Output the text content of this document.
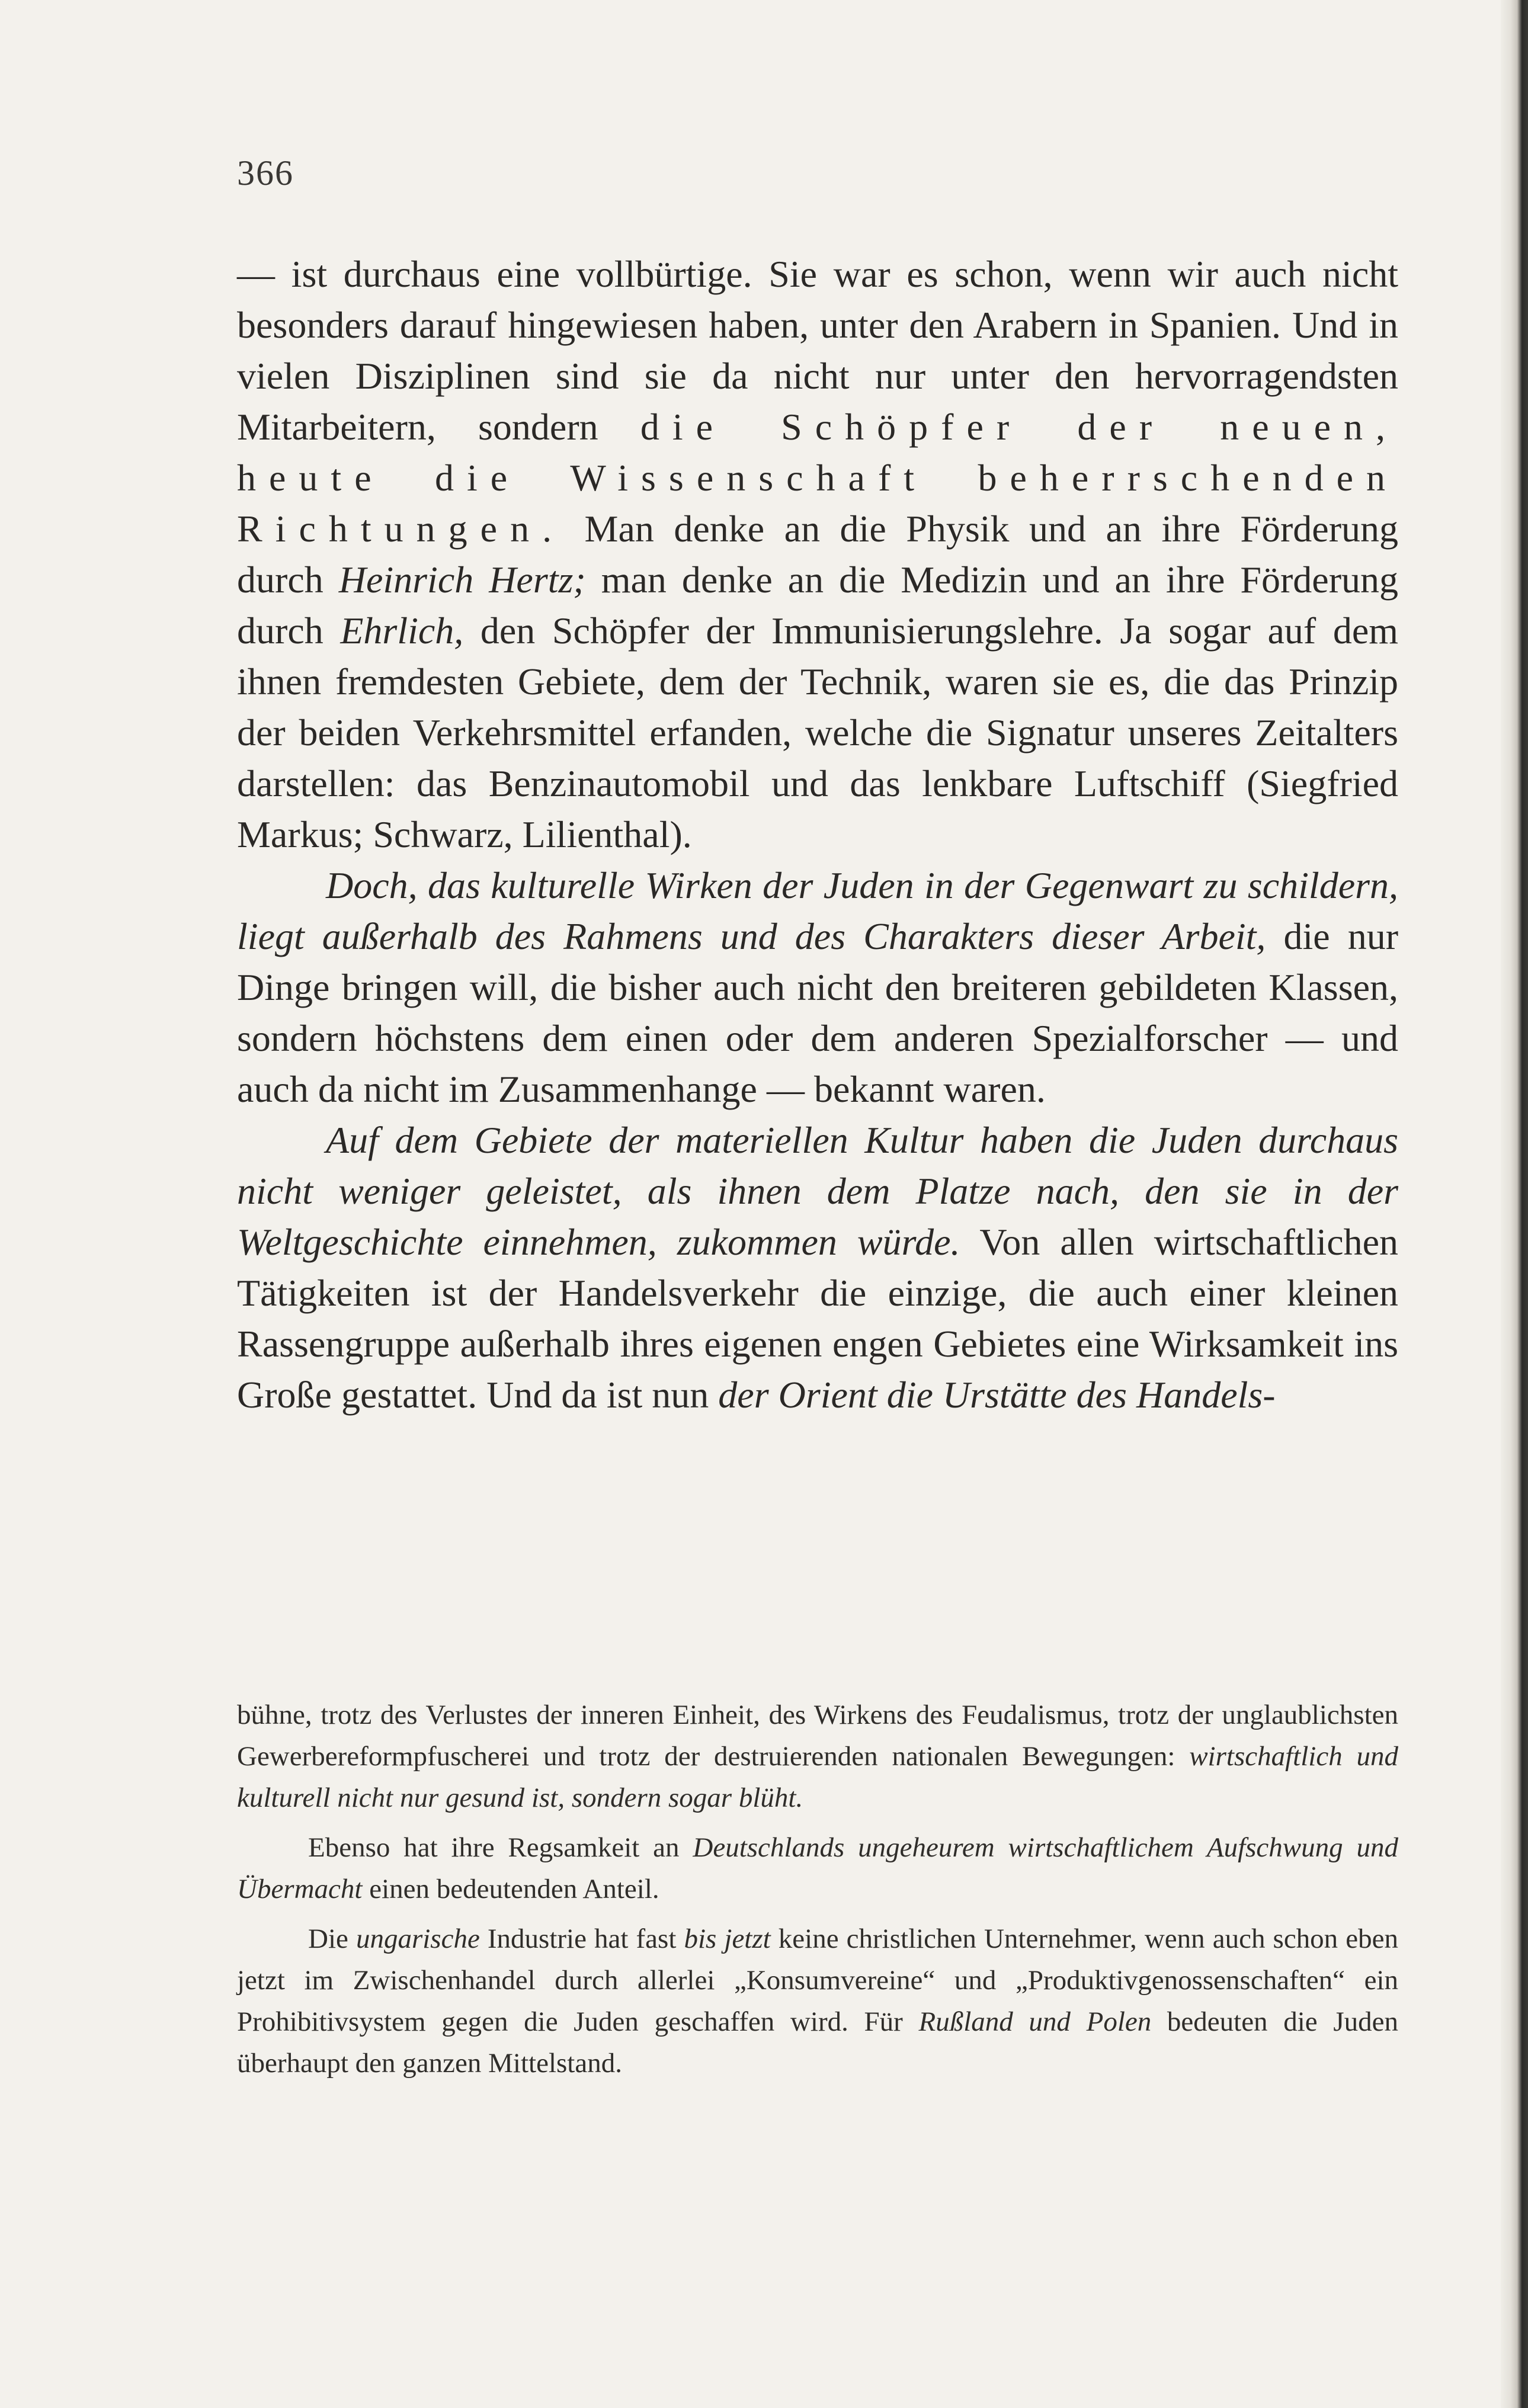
366

— ist durchaus eine vollbürtige. Sie war es schon, wenn wir auch nicht besonders darauf hingewiesen haben, unter den Arabern in Spanien. Und in vielen Disziplinen sind sie da nicht nur unter den hervorragendsten Mitarbeitern, sondern die Schöpfer der neuen, heute die Wissenschaft beherrschenden Richtungen. Man denke an die Physik und an ihre Förderung durch Heinrich Hertz; man denke an die Medizin und an ihre Förderung durch Ehrlich, den Schöpfer der Immunisierungslehre. Ja sogar auf dem ihnen fremdesten Gebiete, dem der Technik, waren sie es, die das Prinzip der beiden Verkehrsmittel erfanden, welche die Signatur unseres Zeitalters darstellen: das Benzinautomobil und das lenkbare Luftschiff (Siegfried Markus; Schwarz, Lilienthal).

Doch, das kulturelle Wirken der Juden in der Gegenwart zu schildern, liegt außerhalb des Rahmens und des Charakters dieser Arbeit, die nur Dinge bringen will, die bisher auch nicht den breiteren gebildeten Klassen, sondern höchstens dem einen oder dem anderen Spezialforscher — und auch da nicht im Zusammenhange — bekannt waren.

Auf dem Gebiete der materiellen Kultur haben die Juden durchaus nicht weniger geleistet, als ihnen dem Platze nach, den sie in der Weltgeschichte einnehmen, zukommen würde. Von allen wirtschaftlichen Tätigkeiten ist der Handelsverkehr die einzige, die auch einer kleinen Rassengruppe außerhalb ihres eigenen engen Gebietes eine Wirksamkeit ins Große gestattet. Und da ist nun der Orient die Urstätte des Handels-

bühne, trotz des Verlustes der inneren Einheit, des Wirkens des Feudalismus, trotz der unglaublichsten Gewerbereformpfuscherei und trotz der destruierenden nationalen Bewegungen: wirtschaftlich und kulturell nicht nur gesund ist, sondern sogar blüht.

Ebenso hat ihre Regsamkeit an Deutschlands ungeheurem wirtschaftlichem Aufschwung und Übermacht einen bedeutenden Anteil.

Die ungarische Industrie hat fast bis jetzt keine christlichen Unternehmer, wenn auch schon eben jetzt im Zwischenhandel durch allerlei „Konsumvereine“ und „Produktivgenossenschaften“ ein Prohibitivsystem gegen die Juden geschaffen wird. Für Rußland und Polen bedeuten die Juden überhaupt den ganzen Mittelstand.
